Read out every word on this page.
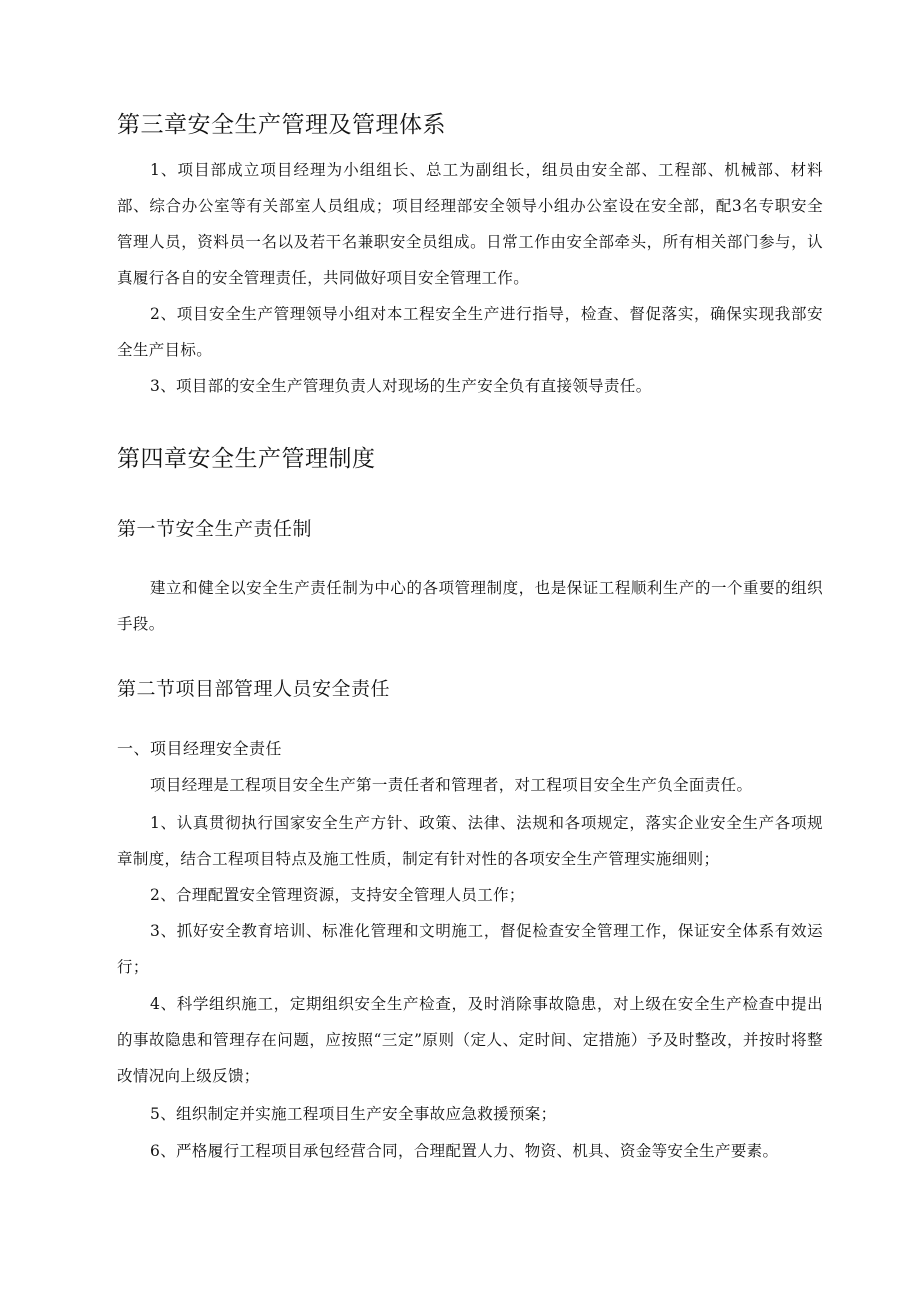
第三章安全生产管理及管理体系

1、项目部成立项目经理为小组组长、总工为副组长，组员由安全部、工程部、机械部、材料部、综合办公室等有关部室人员组成；项目经理部安全领导小组办公室设在安全部，配3名专职安全管理人员，资料员一名以及若干名兼职安全员组成。日常工作由安全部牵头，所有相关部门参与，认真履行各自的安全管理责任，共同做好项目安全管理工作。

2、项目安全生产管理领导小组对本工程安全生产进行指导，检查、督促落实，确保实现我部安全生产目标。

3、项目部的安全生产管理负责人对现场的生产安全负有直接领导责任。

第四章安全生产管理制度
第一节安全生产责任制

建立和健全以安全生产责任制为中心的各项管理制度，也是保证工程顺利生产的一个重要的组织手段。

第二节项目部管理人员安全责任
一、项目经理安全责任

项目经理是工程项目安全生产第一责任者和管理者，对工程项目安全生产负全面责任。

1、认真贯彻执行国家安全生产方针、政策、法律、法规和各项规定，落实企业安全生产各项规章制度，结合工程项目特点及施工性质，制定有针对性的各项安全生产管理实施细则；

2、合理配置安全管理资源，支持安全管理人员工作；

3、抓好安全教育培训、标准化管理和文明施工，督促检查安全管理工作，保证安全体系有效运行；

4、科学组织施工，定期组织安全生产检查，及时消除事故隐患，对上级在安全生产检查中提出的事故隐患和管理存在问题，应按照“三定”原则（定人、定时间、定措施）予及时整改，并按时将整改情况向上级反馈；

5、组织制定并实施工程项目生产安全事故应急救援预案；

6、严格履行工程项目承包经营合同，合理配置人力、物资、机具、资金等安全生产要素。
